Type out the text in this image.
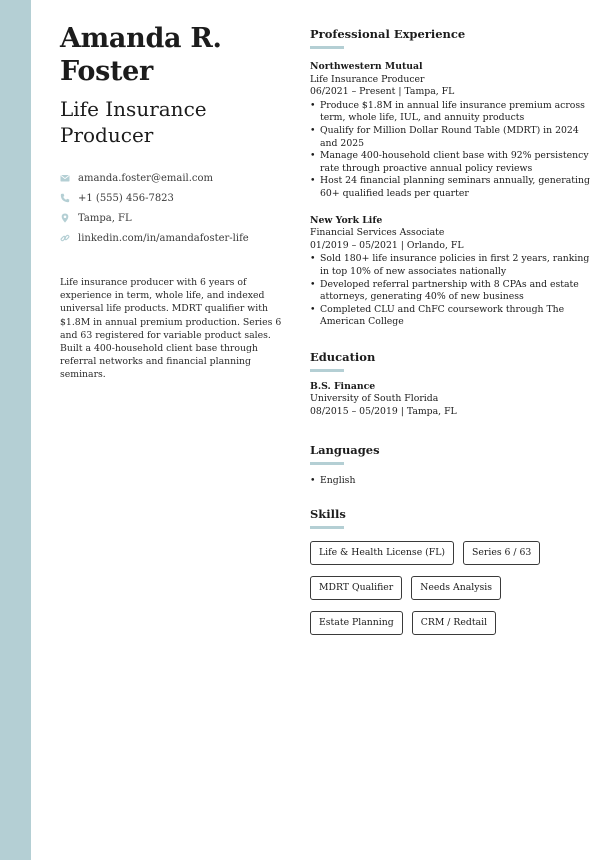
Amanda R.
Foster
Life Insurance
Producer
amanda.foster@email.com
+1 (555) 456-7823
Tampa, FL
linkedin.com/in/amandafoster-life

Life insurance producer with 6 years of experience in term, whole life, and indexed universal life products. MDRT qualifier with $1.8M in annual premium production. Series 6 and 63 registered for variable product sales. Built a 400-household client base through referral networks and financial planning seminars.

Professional Experience
Northwestern Mutual
Life Insurance Producer
06/2021 – Present | Tampa, FL
• Produce $1.8M in annual life insurance premium across term, whole life, IUL, and annuity products
• Qualify for Million Dollar Round Table (MDRT) in 2024 and 2025
• Manage 400-household client base with 92% persistency rate through proactive annual policy reviews
• Host 24 financial planning seminars annually, generating 60+ qualified leads per quarter
New York Life
Financial Services Associate
01/2019 – 05/2021 | Orlando, FL
• Sold 180+ life insurance policies in first 2 years, ranking in top 10% of new associates nationally
• Developed referral partnership with 8 CPAs and estate attorneys, generating 40% of new business
• Completed CLU and ChFC coursework through The American College
Education
B.S. Finance
University of South Florida
08/2015 – 05/2019 | Tampa, FL
Languages
• English
Skills
Life & Health License (FL)	Series 6 / 63
MDRT Qualifier	Needs Analysis
Estate Planning	CRM / Redtail
